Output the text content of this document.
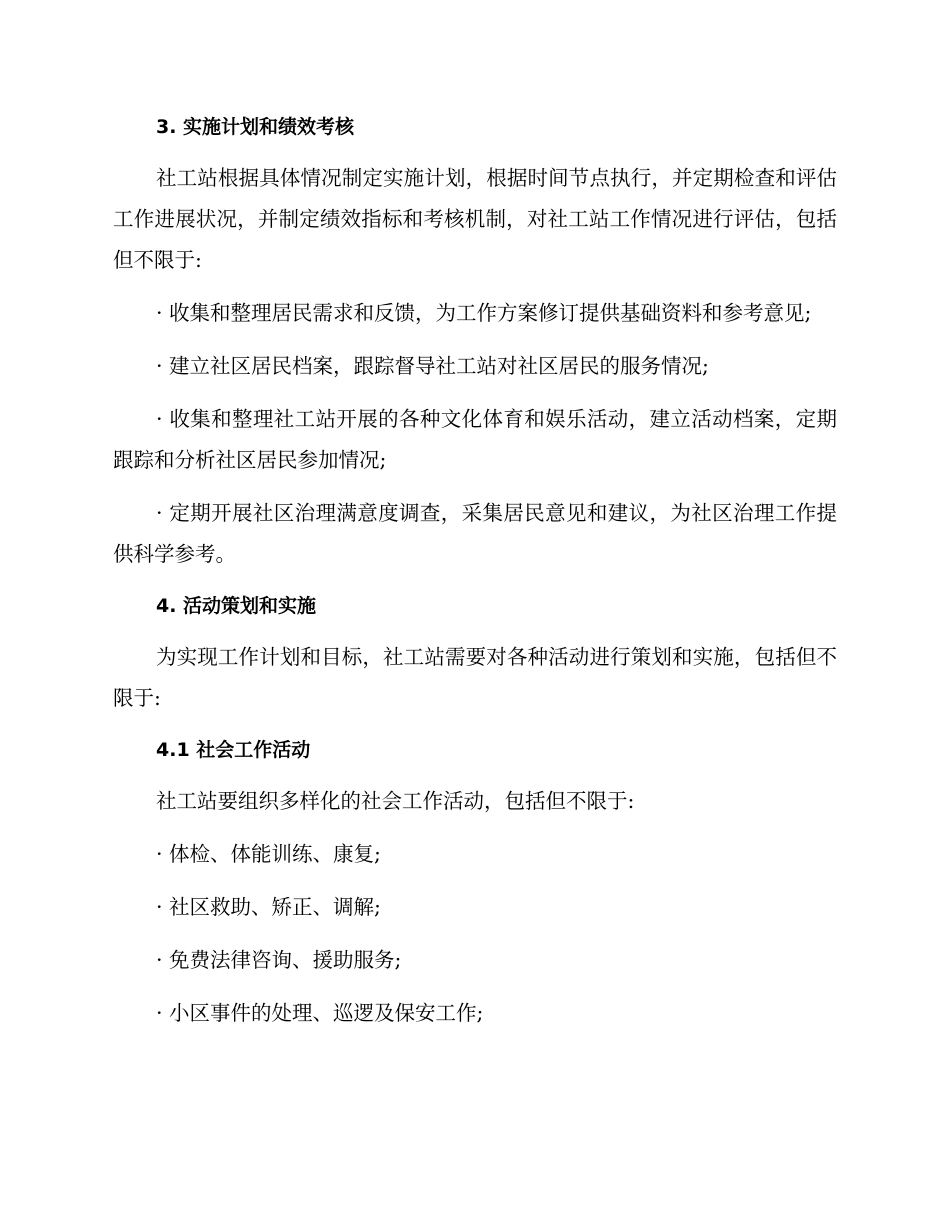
3. 实施计划和绩效考核

社工站根据具体情况制定实施计划，根据时间节点执行，并定期检查和评估工作进展状况，并制定绩效指标和考核机制，对社工站工作情况进行评估，包括但不限于:

· 收集和整理居民需求和反馈，为工作方案修订提供基础资料和参考意见;

· 建立社区居民档案，跟踪督导社工站对社区居民的服务情况;

· 收集和整理社工站开展的各种文化体育和娱乐活动，建立活动档案，定期跟踪和分析社区居民参加情况;

· 定期开展社区治理满意度调查，采集居民意见和建议，为社区治理工作提供科学参考。

4. 活动策划和实施

为实现工作计划和目标，社工站需要对各种活动进行策划和实施，包括但不限于:

4.1 社会工作活动

社工站要组织多样化的社会工作活动，包括但不限于:

· 体检、体能训练、康复;

· 社区救助、矫正、调解;

· 免费法律咨询、援助服务;

· 小区事件的处理、巡逻及保安工作;
